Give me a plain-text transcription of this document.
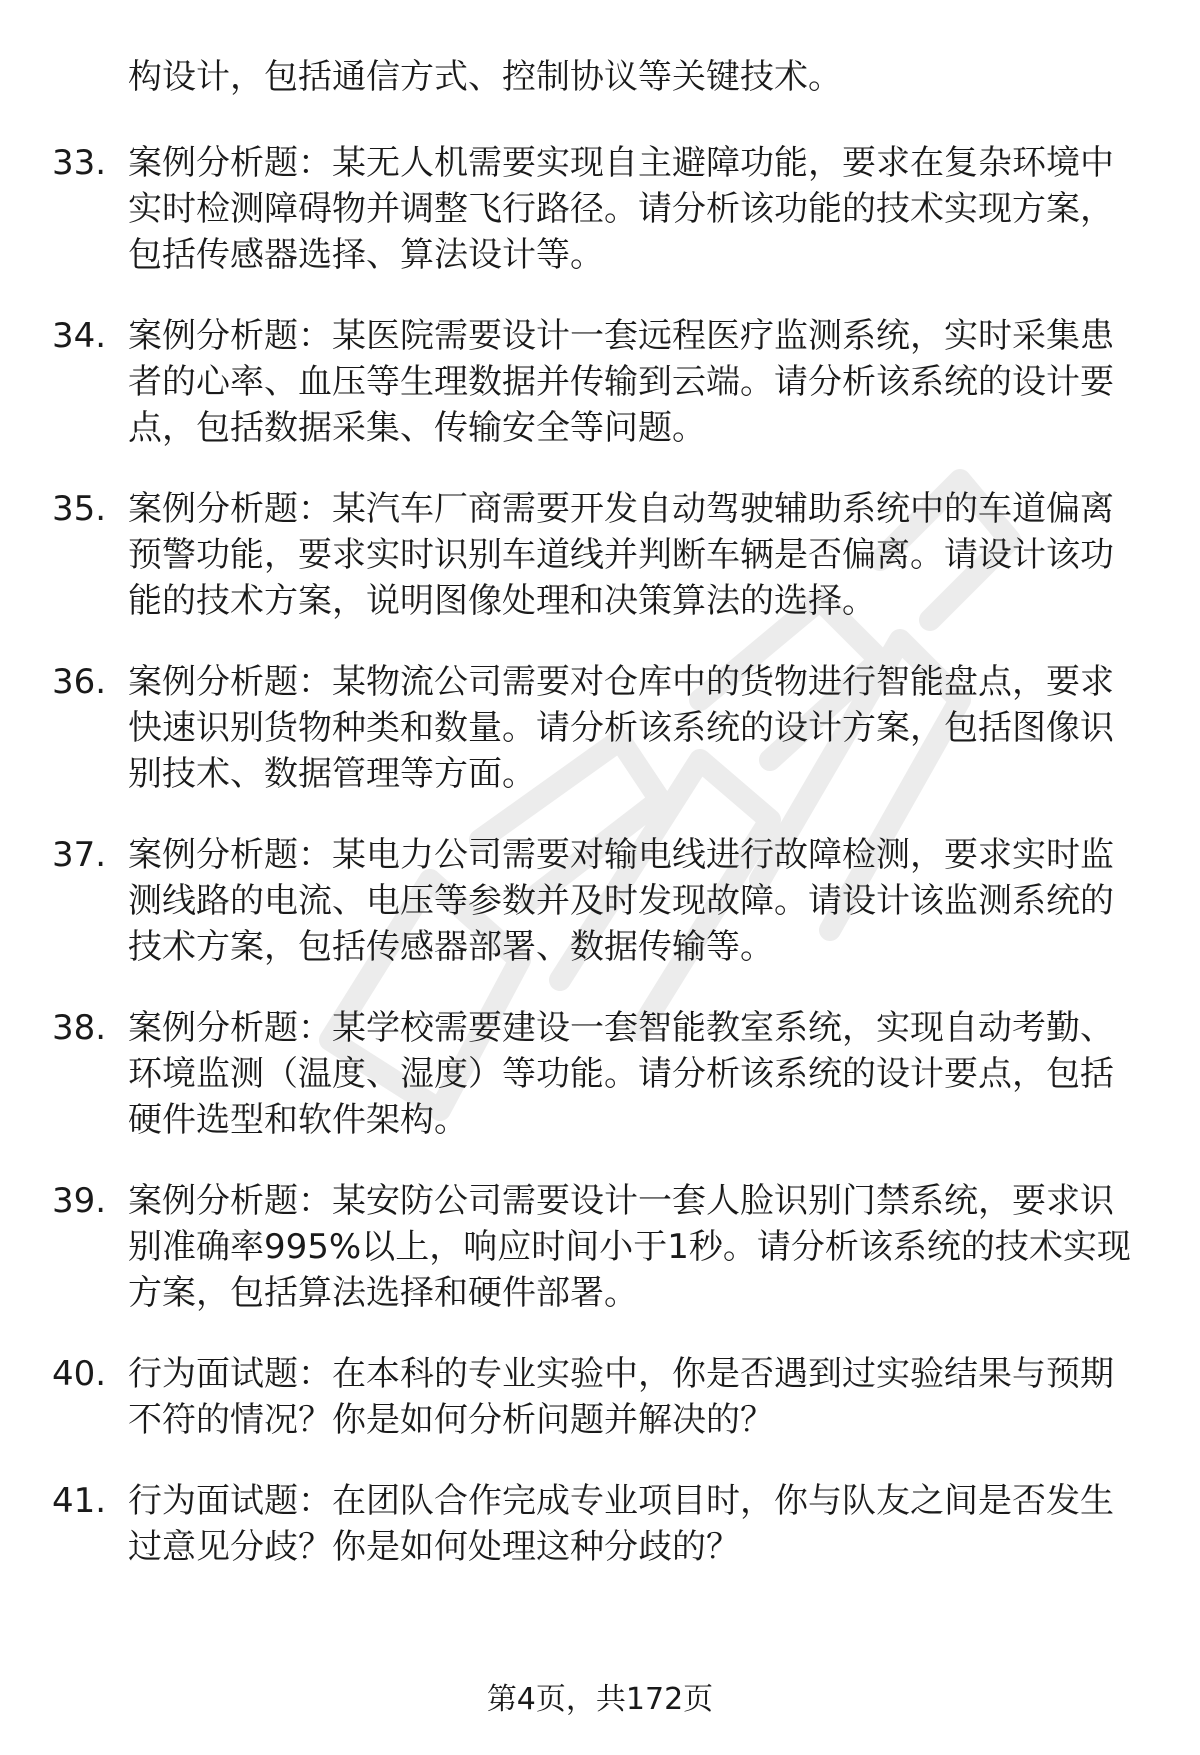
构设计，包括通信方式、控制协议等关键技术。

33. 案例分析题：某无人机需要实现自主避障功能，要求在复杂环境中实时检测障碍物并调整飞行路径。请分析该功能的技术实现方案，包括传感器选择、算法设计等。
34. 案例分析题：某医院需要设计一套远程医疗监测系统，实时采集患者的心率、血压等生理数据并传输到云端。请分析该系统的设计要点，包括数据采集、传输安全等问题。
35. 案例分析题：某汽车厂商需要开发自动驾驶辅助系统中的车道偏离预警功能，要求实时识别车道线并判断车辆是否偏离。请设计该功能的技术方案，说明图像处理和决策算法的选择。
36. 案例分析题：某物流公司需要对仓库中的货物进行智能盘点，要求快速识别货物种类和数量。请分析该系统的设计方案，包括图像识别技术、数据管理等方面。
37. 案例分析题：某电力公司需要对输电线进行故障检测，要求实时监测线路的电流、电压等参数并及时发现故障。请设计该监测系统的技术方案，包括传感器部署、数据传输等。
38. 案例分析题：某学校需要建设一套智能教室系统，实现自动考勤、环境监测（温度、湿度）等功能。请分析该系统的设计要点，包括硬件选型和软件架构。
39. 案例分析题：某安防公司需要设计一套人脸识别门禁系统，要求识别准确率995%以上，响应时间小于1秒。请分析该系统的技术实现方案，包括算法选择和硬件部署。
40. 行为面试题：在本科的专业实验中，你是否遇到过实验结果与预期不符的情况？你是如何分析问题并解决的？
41. 行为面试题：在团队合作完成专业项目时，你与队友之间是否发生过意见分歧？你是如何处理这种分歧的？
第4页，共172页
